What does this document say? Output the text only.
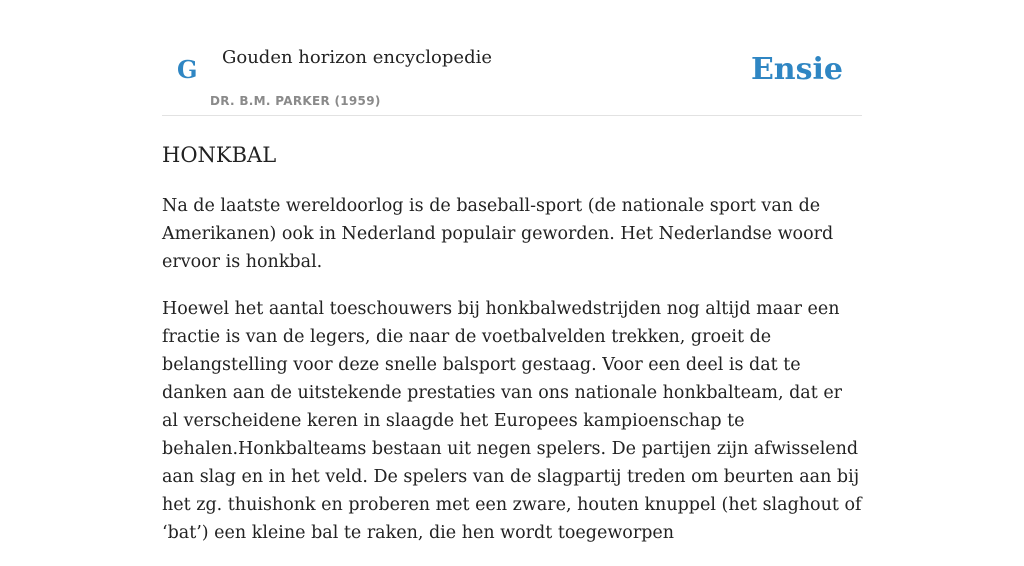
G Gouden horizon encyclopedie
DR. B.M. PARKER (1959)
Ensie
HONKBAL

Na de laatste wereldoorlog is de baseball-sport (de nationale sport van de Amerikanen) ook in Nederland populair geworden. Het Nederlandse woord ervoor is honkbal.

Hoewel het aantal toeschouwers bij honkbalwedstrijden nog altijd maar een fractie is van de legers, die naar de voetbalvelden trekken, groeit de belangstelling voor deze snelle balsport gestaag. Voor een deel is dat te danken aan de uitstekende prestaties van ons nationale honkbalteam, dat er al verscheidene keren in slaagde het Europees kampioenschap te behalen.Honkbalteams bestaan uit negen spelers. De partijen zijn afwisselend aan slag en in het veld. De spelers van de slagpartij treden om beurten aan bij het zg. thuishonk en proberen met een zware, houten knuppel (het slaghout of ‘bat’) een kleine bal te raken, die hen wordt toegeworpen
